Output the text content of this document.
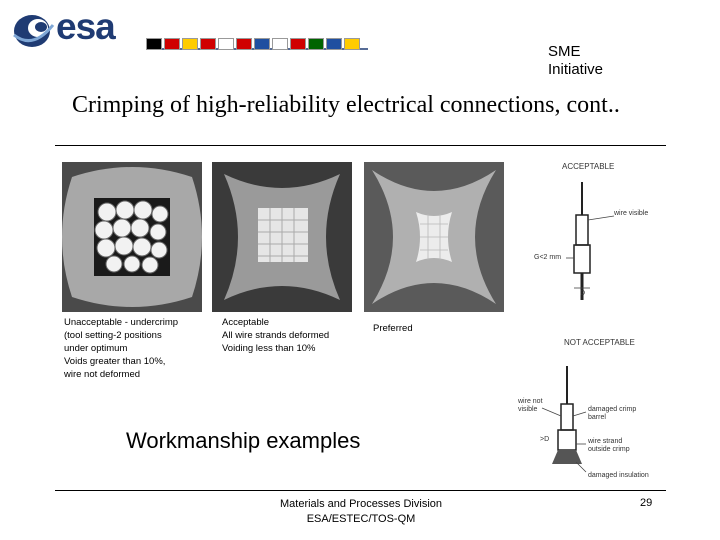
esa
SME
Initiative
Crimping of high-reliability electrical connections, cont..
Unacceptable - undercrimp
(tool setting-2 positions
under optimum
Voids greater than 10%,
wire not deformed
Acceptable
All wire strands deformed
Voiding less than 10%
Preferred
ACCEPTABLE
wire visible
G<2 mm
D
NOT ACCEPTABLE
wire not
visible	damaged crimp
barrel
>D	wire strand
outside crimp
damaged insulation
Workmanship examples
Materials and Processes Division
ESA/ESTEC/TOS-QM
29
